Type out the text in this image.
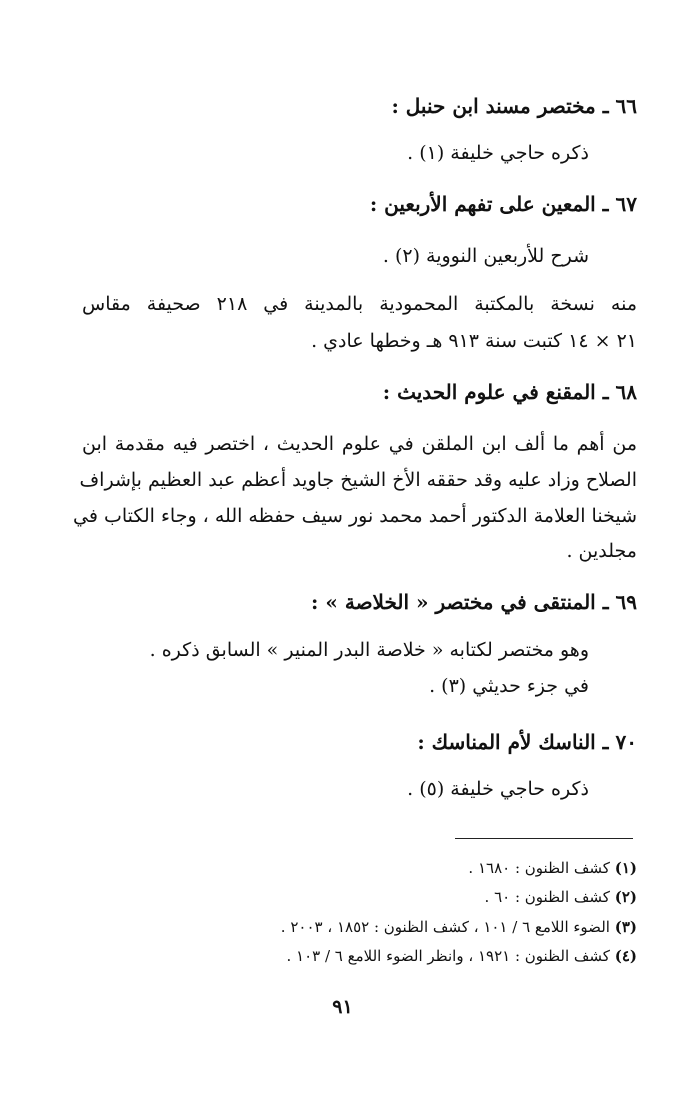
٦٦ ـ مختصر مسند ابن حنبل :

ذكره حاجي خليفة (١) .

٦٧ ـ المعين على تفهم الأربعين :

شرح للأربعين النووية (٢) .

منه نسخة بالمكتبة المحمودية بالمدينة في ٢١٨ صحيفة مقاس

٢١ × ١٤ كتبت سنة ٩١٣ هـ وخطها عادي .

٦٨ ـ المقنع في علوم الحديث :

من أهم ما ألف ابن الملقن في علوم الحديث ، اختصر فيه مقدمة ابن

الصلاح وزاد عليه وقد حققه الأخ الشيخ جاويد أعظم عبد العظيم بإشراف

شيخنا العلامة الدكتور أحمد محمد نور سيف حفظه الله ، وجاء الكتاب في

مجلدين .

٦٩ ـ المنتقى في مختصر « الخلاصة » :

وهو مختصر لكتابه « خلاصة البدر المنير » السابق ذكره .

في جزء حديثي (٣) .

٧٠ ـ الناسك لأم المناسك :

ذكره حاجي خليفة (٥) .

(١) كشف الظنون : ١٦٨٠ .

(٢) كشف الظنون : ٦٠ .

(٣) الضوء اللامع ٦ / ١٠١ ، كشف الظنون : ١٨٥٢ ، ٢٠٠٣ .

(٤) كشف الظنون : ١٩٢١ ، وانظر الضوء اللامع ٦ / ١٠٣ .

٩١
